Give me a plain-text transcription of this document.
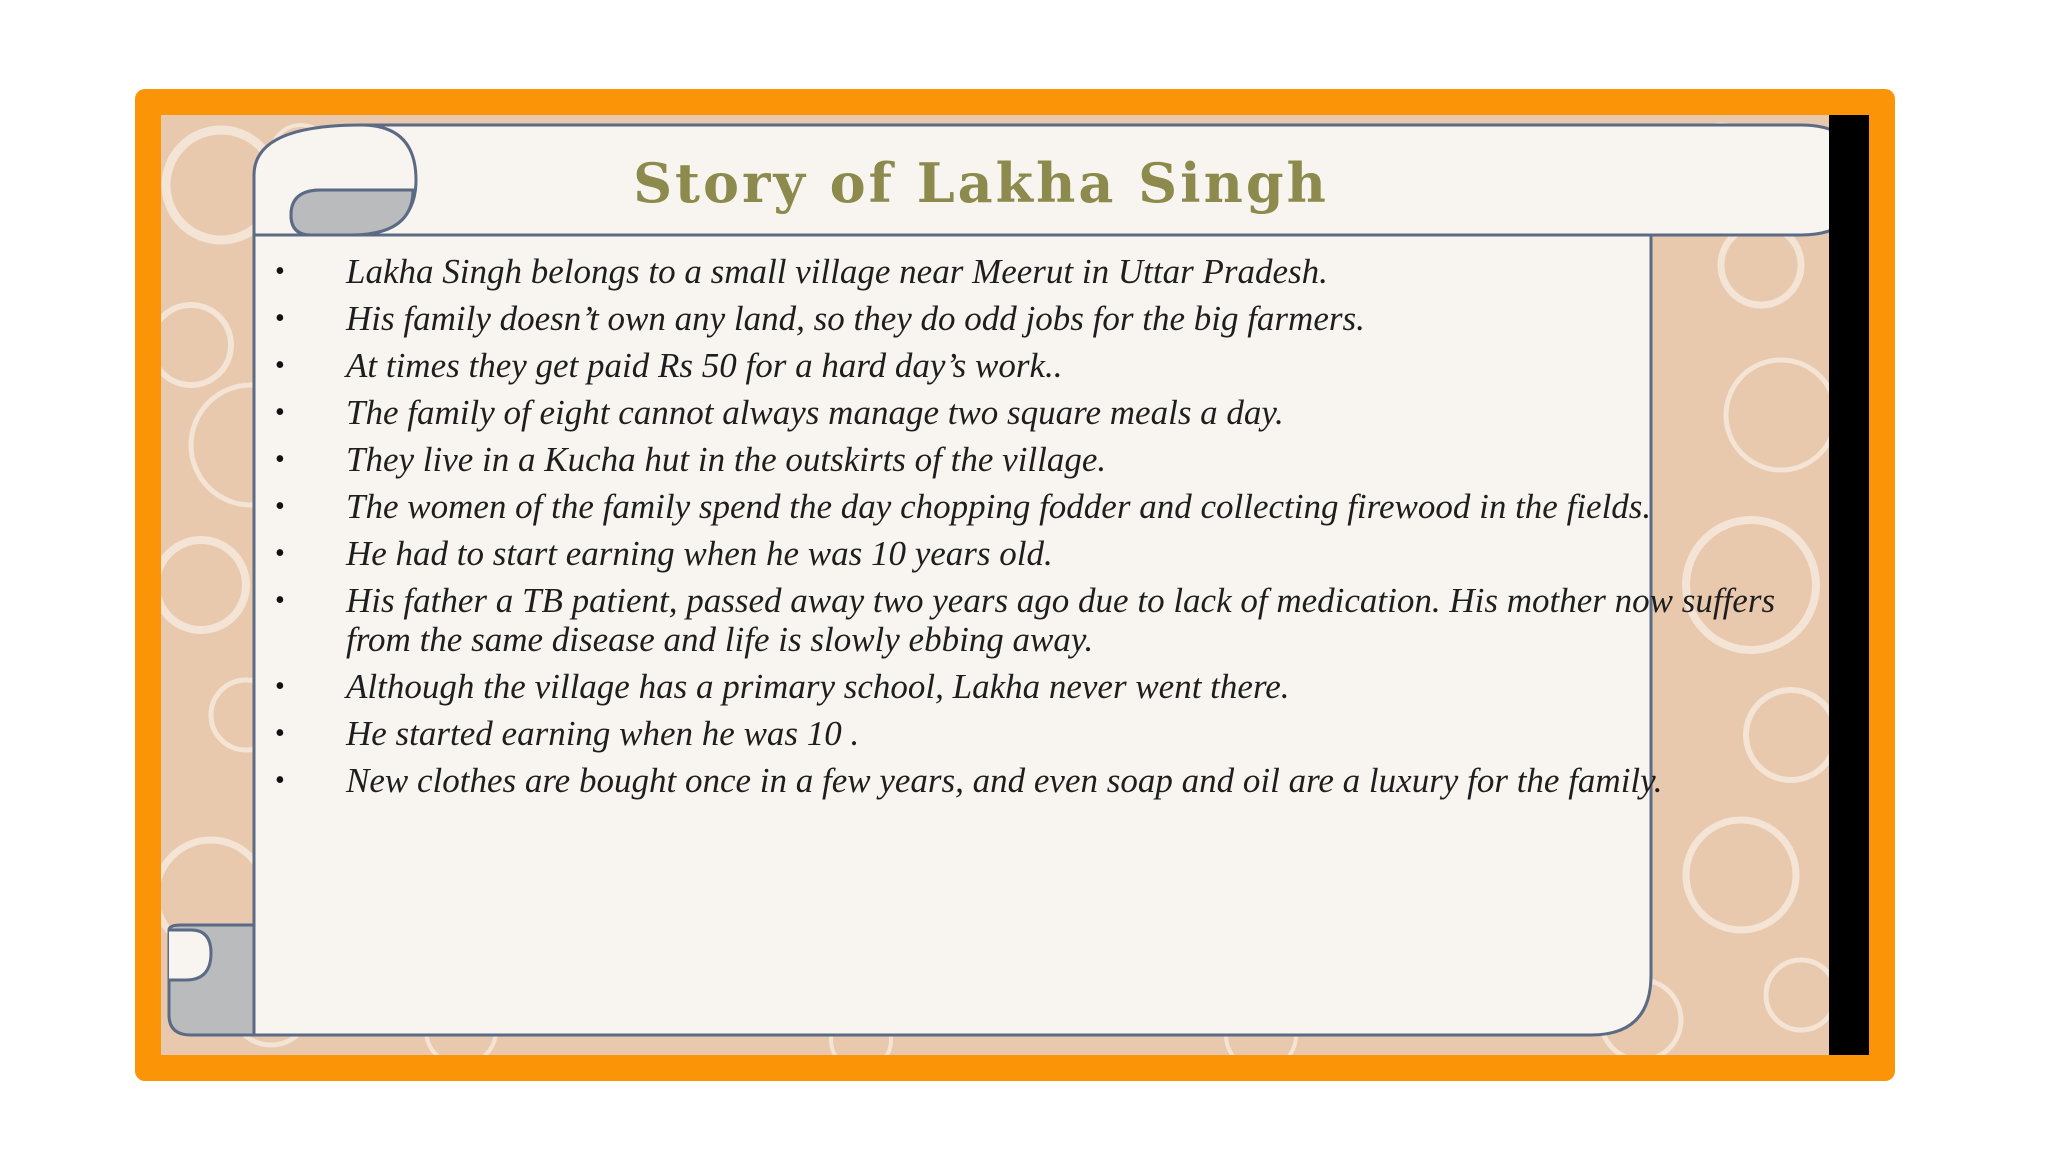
Story of Lakha Singh
• Lakha Singh belongs to a small village near Meerut in Uttar Pradesh.
• His family doesn’t own any land, so they do odd jobs for the big farmers.
• At times they get paid Rs 50 for a hard day’s work..
• The family of eight cannot always manage two square meals a day.
• They live in a Kucha hut in the outskirts of the village.
• The women of the family spend the day chopping fodder and collecting firewood in the fields.
• He had to start earning when he was 10 years old.
• His father a TB patient, passed away two years ago due to lack of medication. His mother now suffers from the same disease and life is slowly ebbing away.
• Although the village has a primary school, Lakha never went there.
• He started earning when he was 10 .
• New clothes are bought once in a few years, and even soap and oil are a luxury for the family.
